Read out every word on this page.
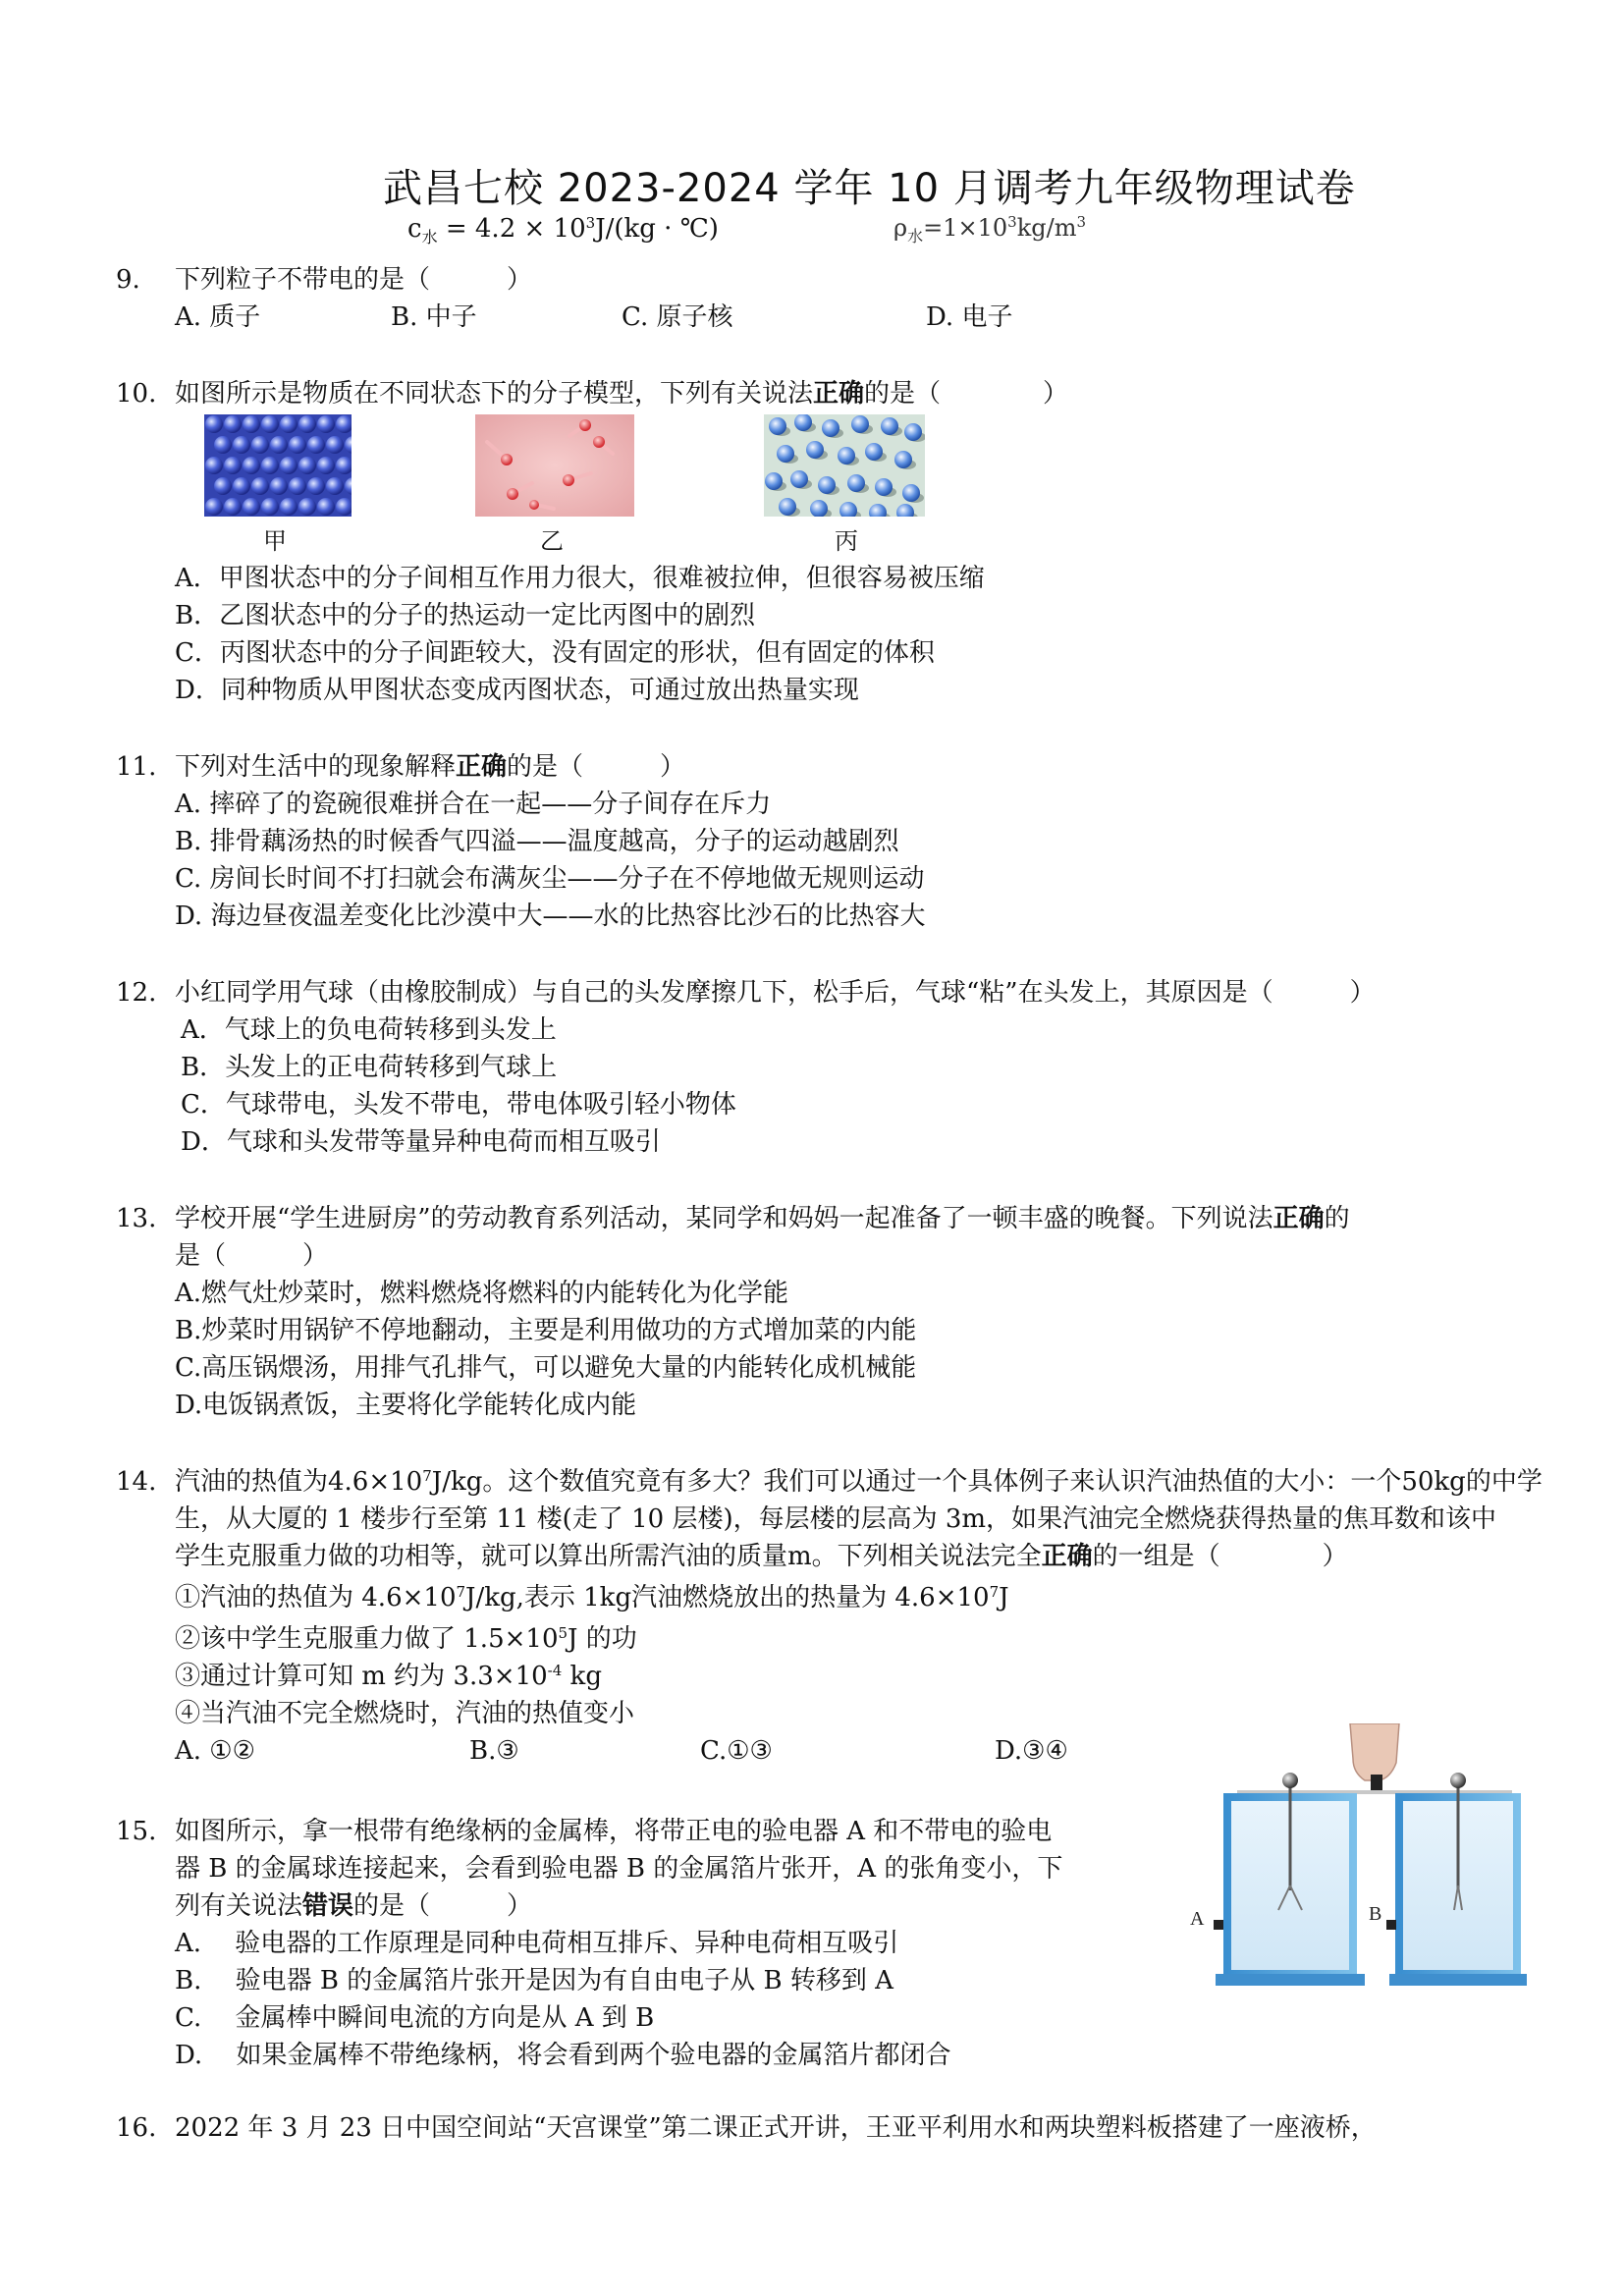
武昌七校 2023-2024 学年 10 月调考九年级物理试卷
$c_水 = 4.2 \times 10^3J/(kg$ · ℃)	$\rho_水=1\times 10^3kg/m^3$
9.	下列粒子不带电的是（　　　）
A. 质子	B. 中子	C. 原子核	D. 电子
10. 如图所示是物质在不同状态下的分子模型，下列有关说法正确的是（　　　　）
甲	乙	丙
A．甲图状态中的分子间相互作用力很大，很难被拉伸，但很容易被压缩
B．乙图状态中的分子的热运动一定比丙图中的剧烈
C．丙图状态中的分子间距较大，没有固定的形状，但有固定的体积
D．同种物质从甲图状态变成丙图状态，可通过放出热量实现
11. 下列对生活中的现象解释正确的是（　　　）
A. 摔碎了的瓷碗很难拼合在一起——分子间存在斥力
B. 排骨藕汤热的时候香气四溢——温度越高，分子的运动越剧烈
C. 房间长时间不打扫就会布满灰尘——分子在不停地做无规则运动
D. 海边昼夜温差变化比沙漠中大——水的比热容比沙石的比热容大
12. 小红同学用气球（由橡胶制成）与自己的头发摩擦几下，松手后，气球“粘”在头发上，其原因是（　　　）
A．气球上的负电荷转移到头发上
B．头发上的正电荷转移到气球上
C．气球带电，头发不带电，带电体吸引轻小物体
D．气球和头发带等量异种电荷而相互吸引
13. 学校开展“学生进厨房”的劳动教育系列活动，某同学和妈妈一起准备了一顿丰盛的晚餐。下列说法正确的
是（　　　）
A.燃气灶炒菜时，燃料燃烧将燃料的内能转化为化学能
B.炒菜时用锅铲不停地翻动，主要是利用做功的方式增加菜的内能
C.高压锅煨汤，用排气孔排气，可以避免大量的内能转化成机械能
D.电饭锅煮饭，主要将化学能转化成内能
14. 汽油的热值为$4.6\times 10^7J/kg$。这个数值究竟有多大？我们可以通过一个具体例子来认识汽油热值的大小：一个50kg的中学
生，从大厦的 1 楼步行至第 11 楼(走了 10 层楼)，每层楼的层高为 3m，如果汽油完全燃烧获得热量的焦耳数和该中
学生克服重力做的功相等，就可以算出所需汽油的质量m。下列相关说法完全正确的一组是（　　　　）
①汽油的热值为 $4.6\times 10^7J/kg$,表示 1kg汽油燃烧放出的热量为 $4.6\times 10^7J$
②该中学生克服重力做了 $1.5\times 10^5J$ 的功
③通过计算可知 m 约为 $3.3\times 10^{-4}$ kg
④当汽油不完全燃烧时，汽油的热值变小
A. ①②	B.③	C.①③	D.③④
15. 如图所示，拿一根带有绝缘柄的金属棒，将带正电的验电器 A 和不带电的验电
器 B 的金属球连接起来，会看到验电器 B 的金属箔片张开，A 的张角变小，下
列有关说法错误的是（　　　）
A.　 验电器的工作原理是同种电荷相互排斥、异种电荷相互吸引
B.　 验电器 B 的金属箔片张开是因为有自由电子从 B 转移到 A
C.　 金属棒中瞬间电流的方向是从 A 到 B
D.　 如果金属棒不带绝缘柄，将会看到两个验电器的金属箔片都闭合
A	B
16. 2022 年 3 月 23 日中国空间站“天宫课堂”第二课正式开讲，王亚平利用水和两块塑料板搭建了一座液桥，
